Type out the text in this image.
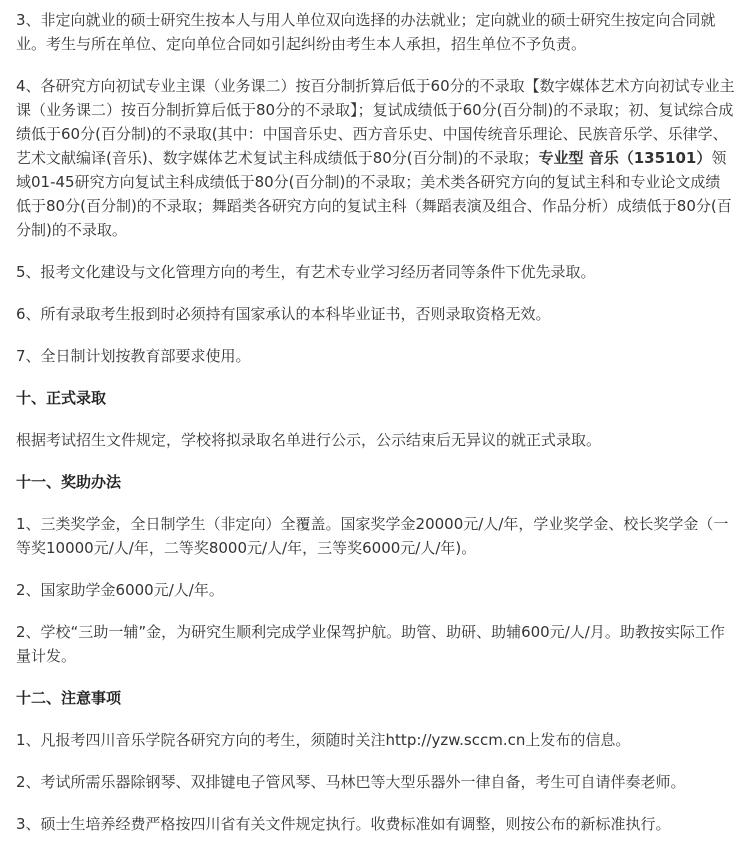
3、非定向就业的硕士研究生按本人与用人单位双向选择的办法就业；定向就业的硕士研究生按定向合同就业。考生与所在单位、定向单位合同如引起纠纷由考生本人承担，招生单位不予负责。

4、各研究方向初试专业主课（业务课二）按百分制折算后低于60分的不录取【数字媒体艺术方向初试专业主课（业务课二）按百分制折算后低于80分的不录取】；复试成绩低于60分(百分制)的不录取；初、复试综合成绩低于60分(百分制)的不录取(其中：中国音乐史、西方音乐史、中国传统音乐理论、民族音乐学、乐律学、艺术文献编译(音乐)、数字媒体艺术复试主科成绩低于80分(百分制)的不录取；专业型 音乐（135101）领域01-45研究方向复试主科成绩低于80分(百分制)的不录取；美术类各研究方向的复试主科和专业论文成绩低于80分(百分制)的不录取；舞蹈类各研究方向的复试主科（舞蹈表演及组合、作品分析）成绩低于80分(百分制)的不录取。

5、报考文化建设与文化管理方向的考生，有艺术专业学习经历者同等条件下优先录取。

6、所有录取考生报到时必须持有国家承认的本科毕业证书，否则录取资格无效。

7、全日制计划按教育部要求使用。

十、正式录取

根据考试招生文件规定，学校将拟录取名单进行公示，公示结束后无异议的就正式录取。

十一、奖助办法

1、三类奖学金，全日制学生（非定向）全覆盖。国家奖学金20000元/人/年，学业奖学金、校长奖学金（一等奖10000元/人/年，二等奖8000元/人/年，三等奖6000元/人/年)。

2、国家助学金6000元/人/年。

2、学校“三助一辅”金，为研究生顺利完成学业保驾护航。助管、助研、助辅600元/人/月。助教按实际工作量计发。

十二、注意事项

1、凡报考四川音乐学院各研究方向的考生，须随时关注http://yzw.sccm.cn上发布的信息。

2、考试所需乐器除钢琴、双排键电子管风琴、马林巴等大型乐器外一律自备，考生可自请伴奏老师。

3、硕士生培养经费严格按四川省有关文件规定执行。收费标准如有调整，则按公布的新标准执行。
